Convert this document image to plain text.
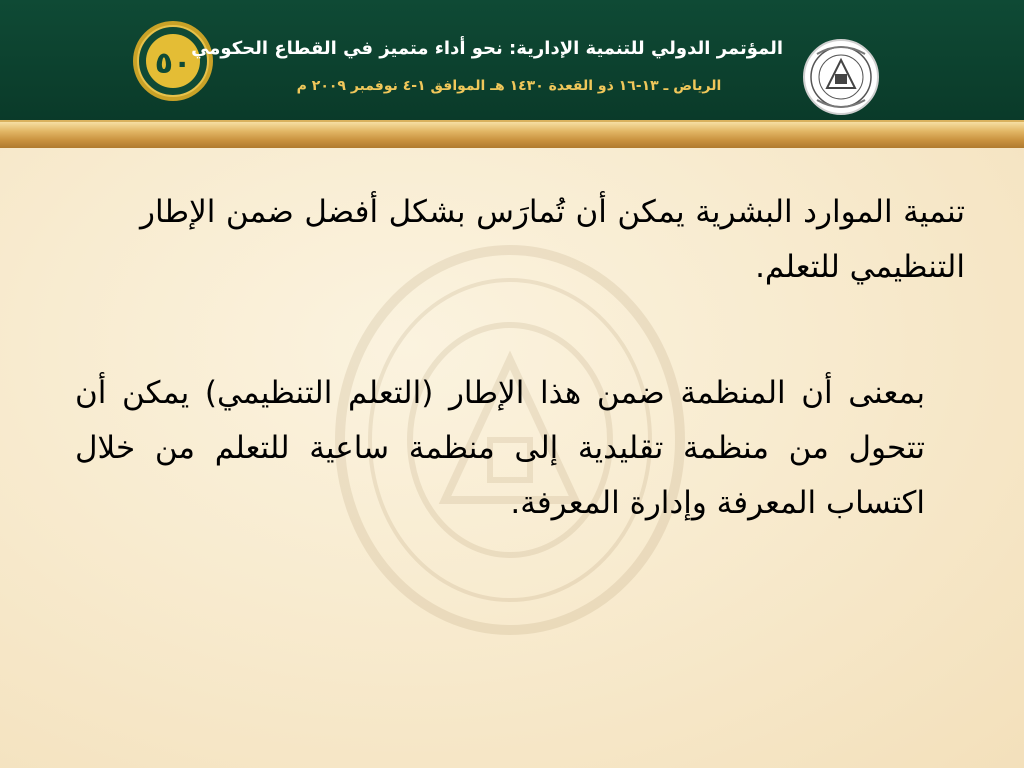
٥٠ المؤتمر الدولي للتنمية الإدارية: نحو أداء متميز في القطاع الحكومي
الرياض ـ ١٣-١٦ ذو القعدة ١٤٣٠ هـ الموافق ١-٤ نوفمبر ٢٠٠٩ م
تنمية الموارد البشرية يمكن أن تُمارَس بشكل أفضل ضمن الإطار التنظيمي للتعلم.
بمعنى أن المنظمة ضمن هذا الإطار (التعلم التنظيمي) يمكن أن تتحول من منظمة تقليدية إلى منظمة ساعية للتعلم من خلال اكتساب المعرفة وإدارة المعرفة.
